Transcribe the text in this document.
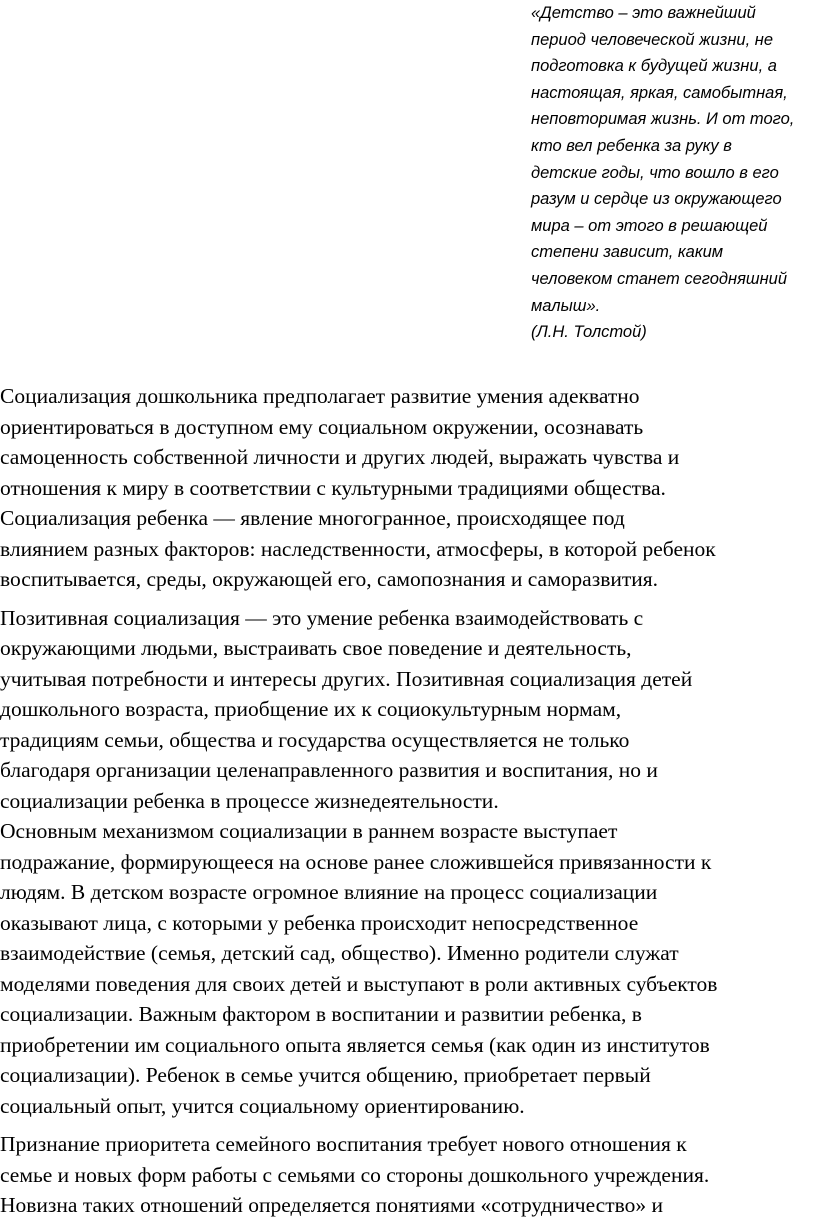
«Детство – это важнейший
период человеческой жизни, не
подготовка к будущей жизни, а
настоящая, яркая, самобытная,
неповторимая жизнь. И от того,
кто вел ребенка за руку в
детские годы, что вошло в его
разум и сердце из окружающего
мира – от этого в решающей
степени зависит, каким
человеком станет сегодняшний
малыш».
(Л.Н. Толстой)
Социализация дошкольника предполагает развитие умения адекватно
ориентироваться в доступном ему социальном окружении, осознавать
самоценность собственной личности и других людей, выражать чувства и
отношения к миру в соответствии с культурными традициями общества.
Социализация ребенка — явление многогранное, происходящее под
влиянием разных факторов: наследственности, атмосферы, в которой ребенок
воспитывается, среды, окружающей его, самопознания и саморазвития.
Позитивная социализация — это умение ребенка взаимодействовать с
окружающими людьми, выстраивать свое поведение и деятельность,
учитывая потребности и интересы других. Позитивная социализация детей
дошкольного возраста, приобщение их к социокультурным нормам,
традициям семьи, общества и государства осуществляется не только
благодаря организации целенаправленного развития и воспитания, но и
социализации ребенка в процессе жизнедеятельности.
Основным механизмом социализации в раннем возрасте выступает
подражание, формирующееся на основе ранее сложившейся привязанности к
людям. В детском возрасте огромное влияние на процесс социализации
оказывают лица, с которыми у ребенка происходит непосредственное
взаимодействие (семья, детский сад, общество). Именно родители служат
моделями поведения для своих детей и выступают в роли активных субъектов
социализации. Важным фактором в воспитании и развитии ребенка, в
приобретении им социального опыта является семья (как один из институтов
социализации). Ребенок в семье учится общению, приобретает первый
социальный опыт, учится социальному ориентированию.
Признание приоритета семейного воспитания требует нового отношения к
семье и новых форм работы с семьями со стороны дошкольного учреждения.
Новизна таких отношений определяется понятиями «сотрудничество» и
